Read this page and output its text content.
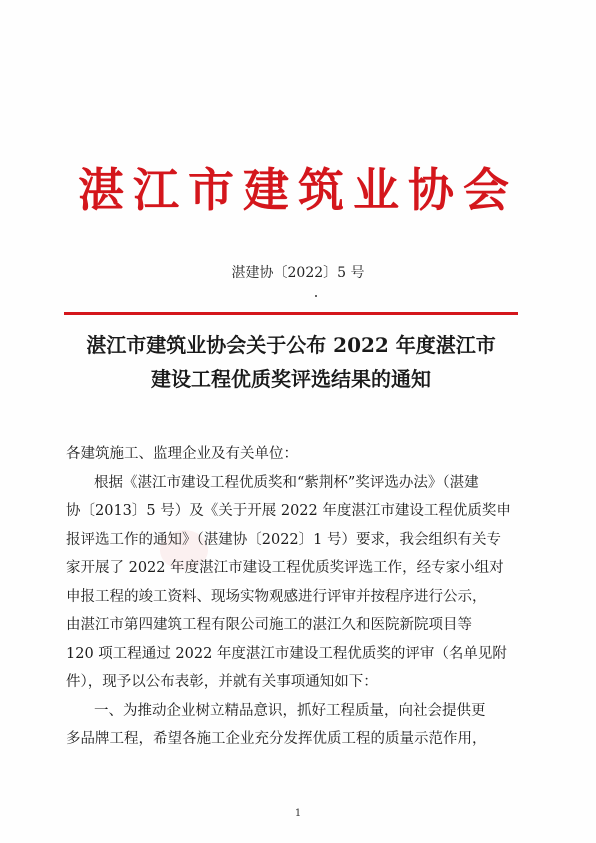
湛江市建筑业协会
湛建协〔2022〕5 号
湛江市建筑业协会关于公布 2022 年度湛江市
建设工程优质奖评选结果的通知
各建筑施工、监理企业及有关单位：
根据《湛江市建设工程优质奖和“紫荆杯”奖评选办法》（湛建
协〔2013〕5 号）及《关于开展 2022 年度湛江市建设工程优质奖申
报评选工作的通知》（湛建协〔2022〕1 号）要求，我会组织有关专
家开展了 2022 年度湛江市建设工程优质奖评选工作，经专家小组对
申报工程的竣工资料、现场实物观感进行评审并按程序进行公示，
由湛江市第四建筑工程有限公司施工的湛江久和医院新院项目等
120 项工程通过 2022 年度湛江市建设工程优质奖的评审（名单见附
件），现予以公布表彰，并就有关事项通知如下：
一、为推动企业树立精品意识，抓好工程质量，向社会提供更
多品牌工程，希望各施工企业充分发挥优质工程的质量示范作用，
1
